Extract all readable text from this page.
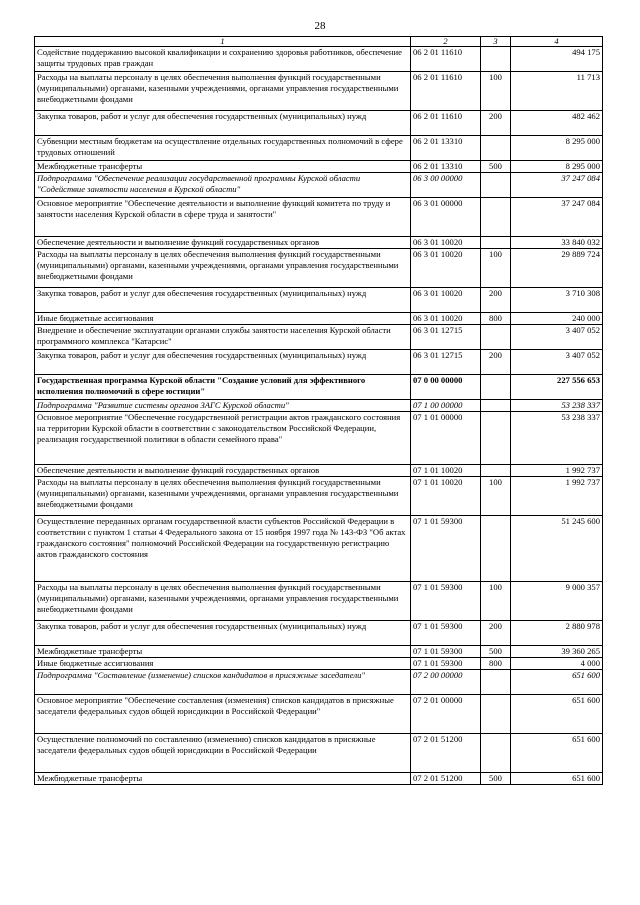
28
1	2	3	4
Содействие поддержанию высокой квалификации и сохранению здоровья работников, обеспечение защиты трудовых прав граждан	06 2 01 11610		494 175
Расходы на выплаты персоналу в целях обеспечения выполнения функций государственными (муниципальными) органами, казенными учреждениями, органами управления государственными внебюджетными фондами	06 2 01 11610	100	11 713
Закупка товаров, работ и услуг для обеспечения государственных (муниципальных) нужд	06 2 01 11610	200	482 462
Субвенции местным бюджетам на осуществление отдельных государственных полномочий в сфере трудовых отношений	06 2 01 13310		8 295 000
Межбюджетные трансферты	06 2 01 13310	500	8 295 000
Подпрограмма "Обеспечение реализации государственной программы Курской области "Содействие занятости населения в Курской области"	06 3 00 00000		37 247 084
Основное мероприятие "Обеспечение деятельности и выполнение функций комитета по труду и занятости населения Курской области в сфере труда и занятости"	06 3 01 00000		37 247 084
Обеспечение деятельности и выполнение функций государственных органов	06 3 01 10020		33 840 032
Расходы на выплаты персоналу в целях обеспечения выполнения функций государственными (муниципальными) органами, казенными учреждениями, органами управления государственными внебюджетными фондами	06 3 01 10020	100	29 889 724
Закупка товаров, работ и услуг для обеспечения государственных (муниципальных) нужд	06 3 01 10020	200	3 710 308
Иные бюджетные ассигнования	06 3 01 10020	800	240 000
Внедрение и обеспечение эксплуатации органами службы занятости населения Курской области программного комплекса "Катарсис"	06 3 01 12715		3 407 052
Закупка товаров, работ и услуг для обеспечения государственных (муниципальных) нужд	06 3 01 12715	200	3 407 052
Государственная программа Курской области "Создание условий для эффективного исполнения полномочий в сфере юстиции"	07 0 00 00000		227 556 653
Подпрограмма "Развитие системы органов ЗАГС Курской области"	07 1 00 00000		53 238 337
Основное мероприятие "Обеспечение государственной регистрации актов гражданского состояния на территории Курской области в соответствии с законодательством Российской Федерации, реализация государственной политики в области семейного права"	07 1 01 00000		53 238 337
Обеспечение деятельности и выполнение функций государственных органов	07 1 01 10020		1 992 737
Расходы на выплаты персоналу в целях обеспечения выполнения функций государственными (муниципальными) органами, казенными учреждениями, органами управления государственными внебюджетными фондами	07 1 01 10020	100	1 992 737
Осуществление переданных органам государственной власти субъектов Российской Федерации в соответствии с пунктом 1 статьи 4 Федерального закона от 15 ноября 1997 года № 143-ФЗ "Об актах гражданского состояния" полномочий Российской Федерации на государственную регистрацию актов гражданского состояния	07 1 01 59300		51 245 600
Расходы на выплаты персоналу в целях обеспечения выполнения функций государственными (муниципальными) органами, казенными учреждениями, органами управления государственными внебюджетными фондами	07 1 01 59300	100	9 000 357
Закупка товаров, работ и услуг для обеспечения государственных (муниципальных) нужд	07 1 01 59300	200	2 880 978
Межбюджетные трансферты	07 1 01 59300	500	39 360 265
Иные бюджетные ассигнования	07 1 01 59300	800	4 000
Подпрограмма "Составление (изменение) списков кандидатов в присяжные заседатели"	07 2 00 00000		651 600
Основное мероприятие "Обеспечение составления (изменения) списков кандидатов в присяжные заседатели федеральных судов общей юрисдикции в Российской Федерации"	07 2 01 00000		651 600
Осуществление полномочий по составлению (изменению) списков кандидатов в присяжные заседатели федеральных судов общей юрисдикции в Российской Федерации	07 2 01 51200		651 600
Межбюджетные трансферты	07 2 01 51200	500	651 600
